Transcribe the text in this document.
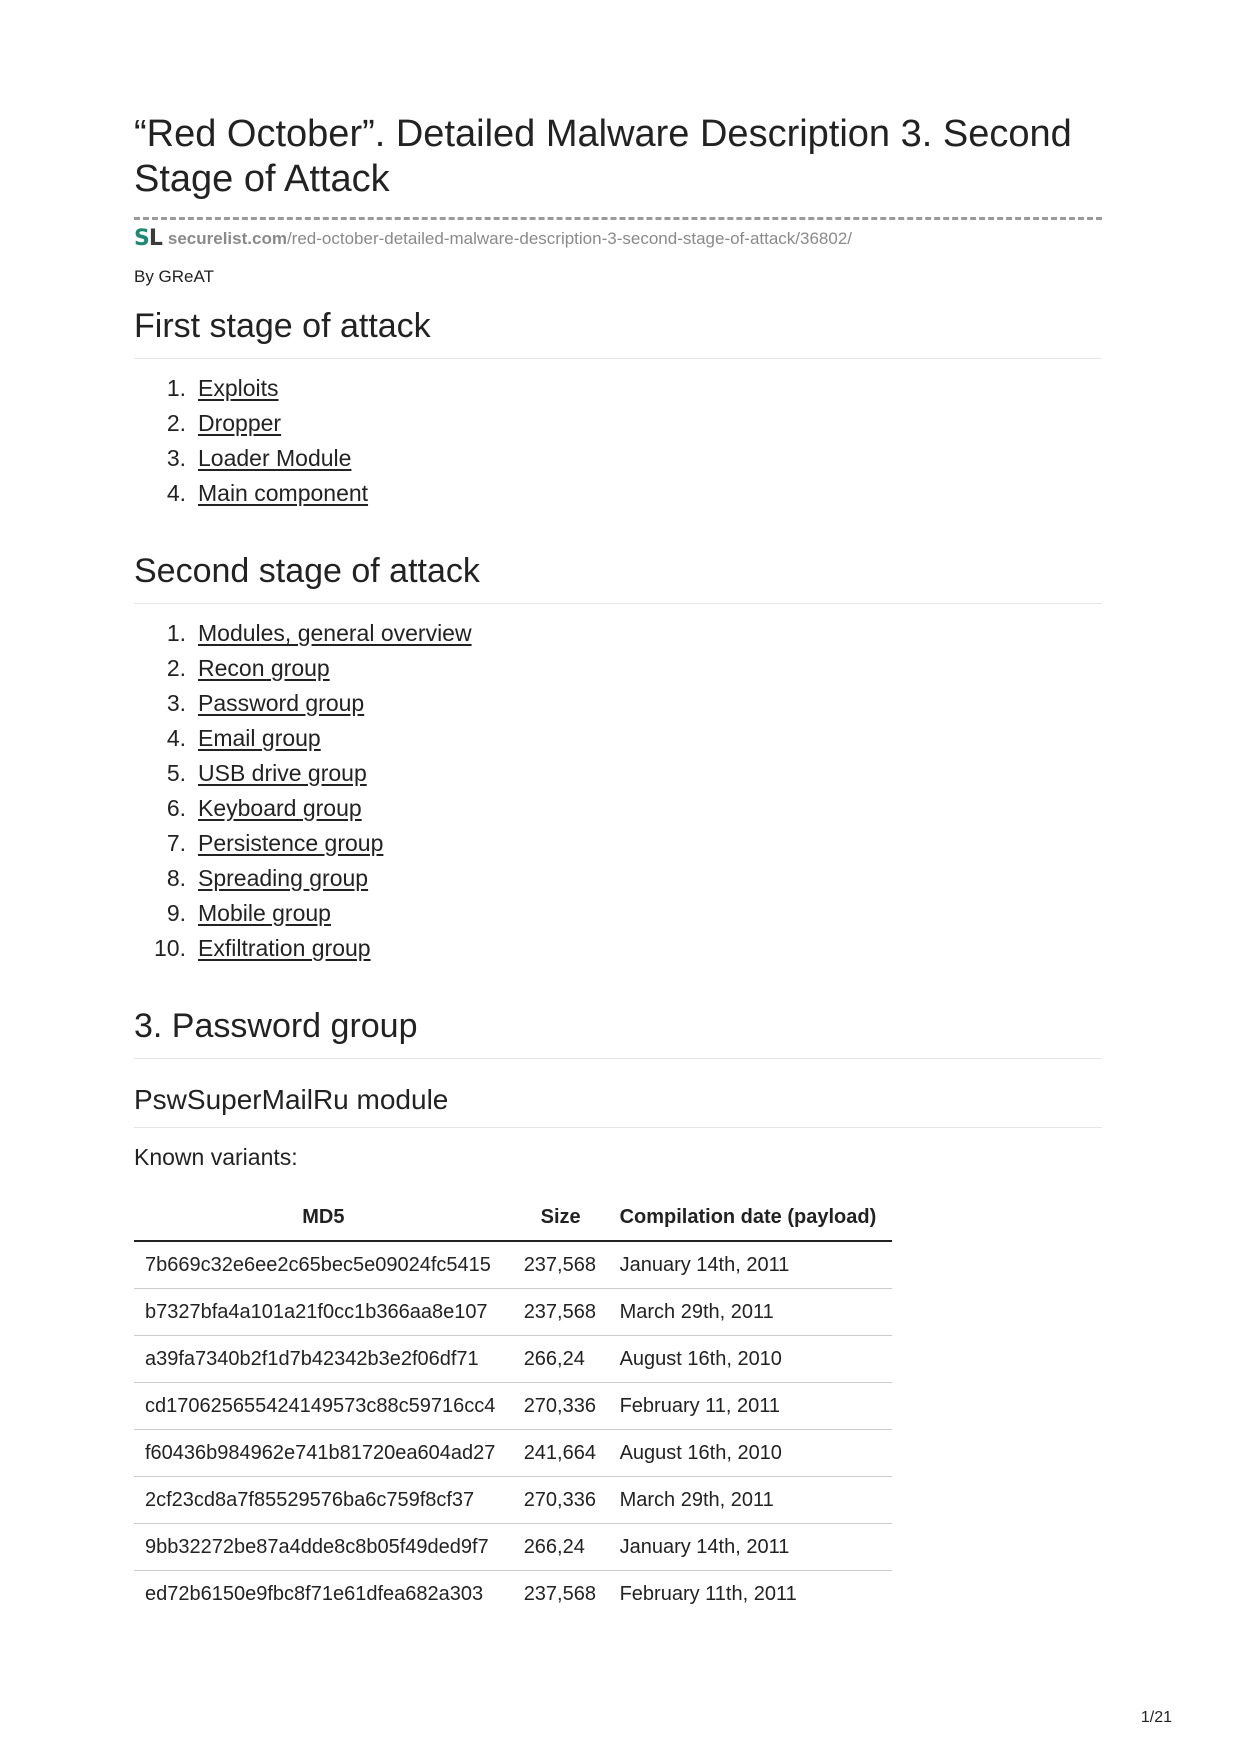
“Red October”. Detailed Malware Description 3. Second Stage of Attack
S L securelist.com/red-october-detailed-malware-description-3-second-stage-of-attack/36802/
By GReAT
First stage of attack
1. Exploits
2. Dropper
3. Loader Module
4. Main component
Second stage of attack
1. Modules, general overview
2. Recon group
3. Password group
4. Email group
5. USB drive group
6. Keyboard group
7. Persistence group
8. Spreading group
9. Mobile group
10. Exfiltration group
3. Password group
PswSuperMailRu module
Known variants:
MD5	Size	Compilation date (payload)
7b669c32e6ee2c65bec5e09024fc5415	237,568	January 14th, 2011
b7327bfa4a101a21f0cc1b366aa8e107	237,568	March 29th, 2011
a39fa7340b2f1d7b42342b3e2f06df71	266,24	August 16th, 2010
cd170625655424149573c88c59716cc4	270,336	February 11, 2011
f60436b984962e741b81720ea604ad27	241,664	August 16th, 2010
2cf23cd8a7f85529576ba6c759f8cf37	270,336	March 29th, 2011
9bb32272be87a4dde8c8b05f49ded9f7	266,24	January 14th, 2011
ed72b6150e9fbc8f71e61dfea682a303	237,568	February 11th, 2011
1/21
